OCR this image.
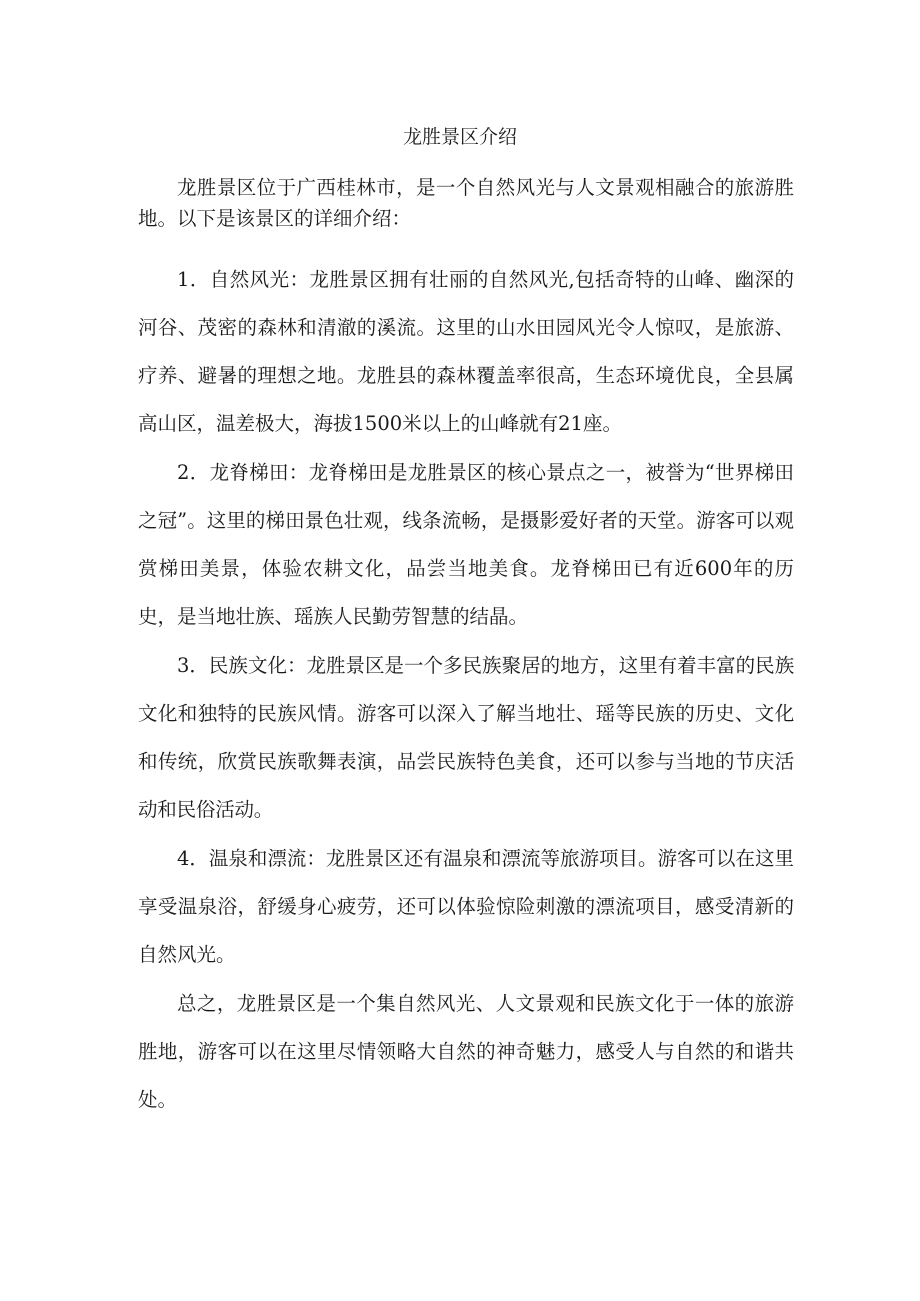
龙胜景区介绍

龙胜景区位于广西桂林市，是一个自然风光与人文景观相融合的旅游胜地。以下是该景区的详细介绍：

1．自然风光：龙胜景区拥有壮丽的自然风光,包括奇特的山峰、幽深的河谷、茂密的森林和清澈的溪流。这里的山水田园风光令人惊叹，是旅游、疗养、避暑的理想之地。龙胜县的森林覆盖率很高，生态环境优良，全县属高山区，温差极大，海拔1500米以上的山峰就有21座。

2．龙脊梯田：龙脊梯田是龙胜景区的核心景点之一，被誉为“世界梯田之冠”。这里的梯田景色壮观，线条流畅，是摄影爱好者的天堂。游客可以观赏梯田美景，体验农耕文化，品尝当地美食。龙脊梯田已有近600年的历史，是当地壮族、瑶族人民勤劳智慧的结晶。

3．民族文化：龙胜景区是一个多民族聚居的地方，这里有着丰富的民族文化和独特的民族风情。游客可以深入了解当地壮、瑶等民族的历史、文化和传统，欣赏民族歌舞表演，品尝民族特色美食，还可以参与当地的节庆活动和民俗活动。

4．温泉和漂流：龙胜景区还有温泉和漂流等旅游项目。游客可以在这里享受温泉浴，舒缓身心疲劳，还可以体验惊险刺激的漂流项目，感受清新的自然风光。

总之，龙胜景区是一个集自然风光、人文景观和民族文化于一体的旅游胜地，游客可以在这里尽情领略大自然的神奇魅力，感受人与自然的和谐共处。
